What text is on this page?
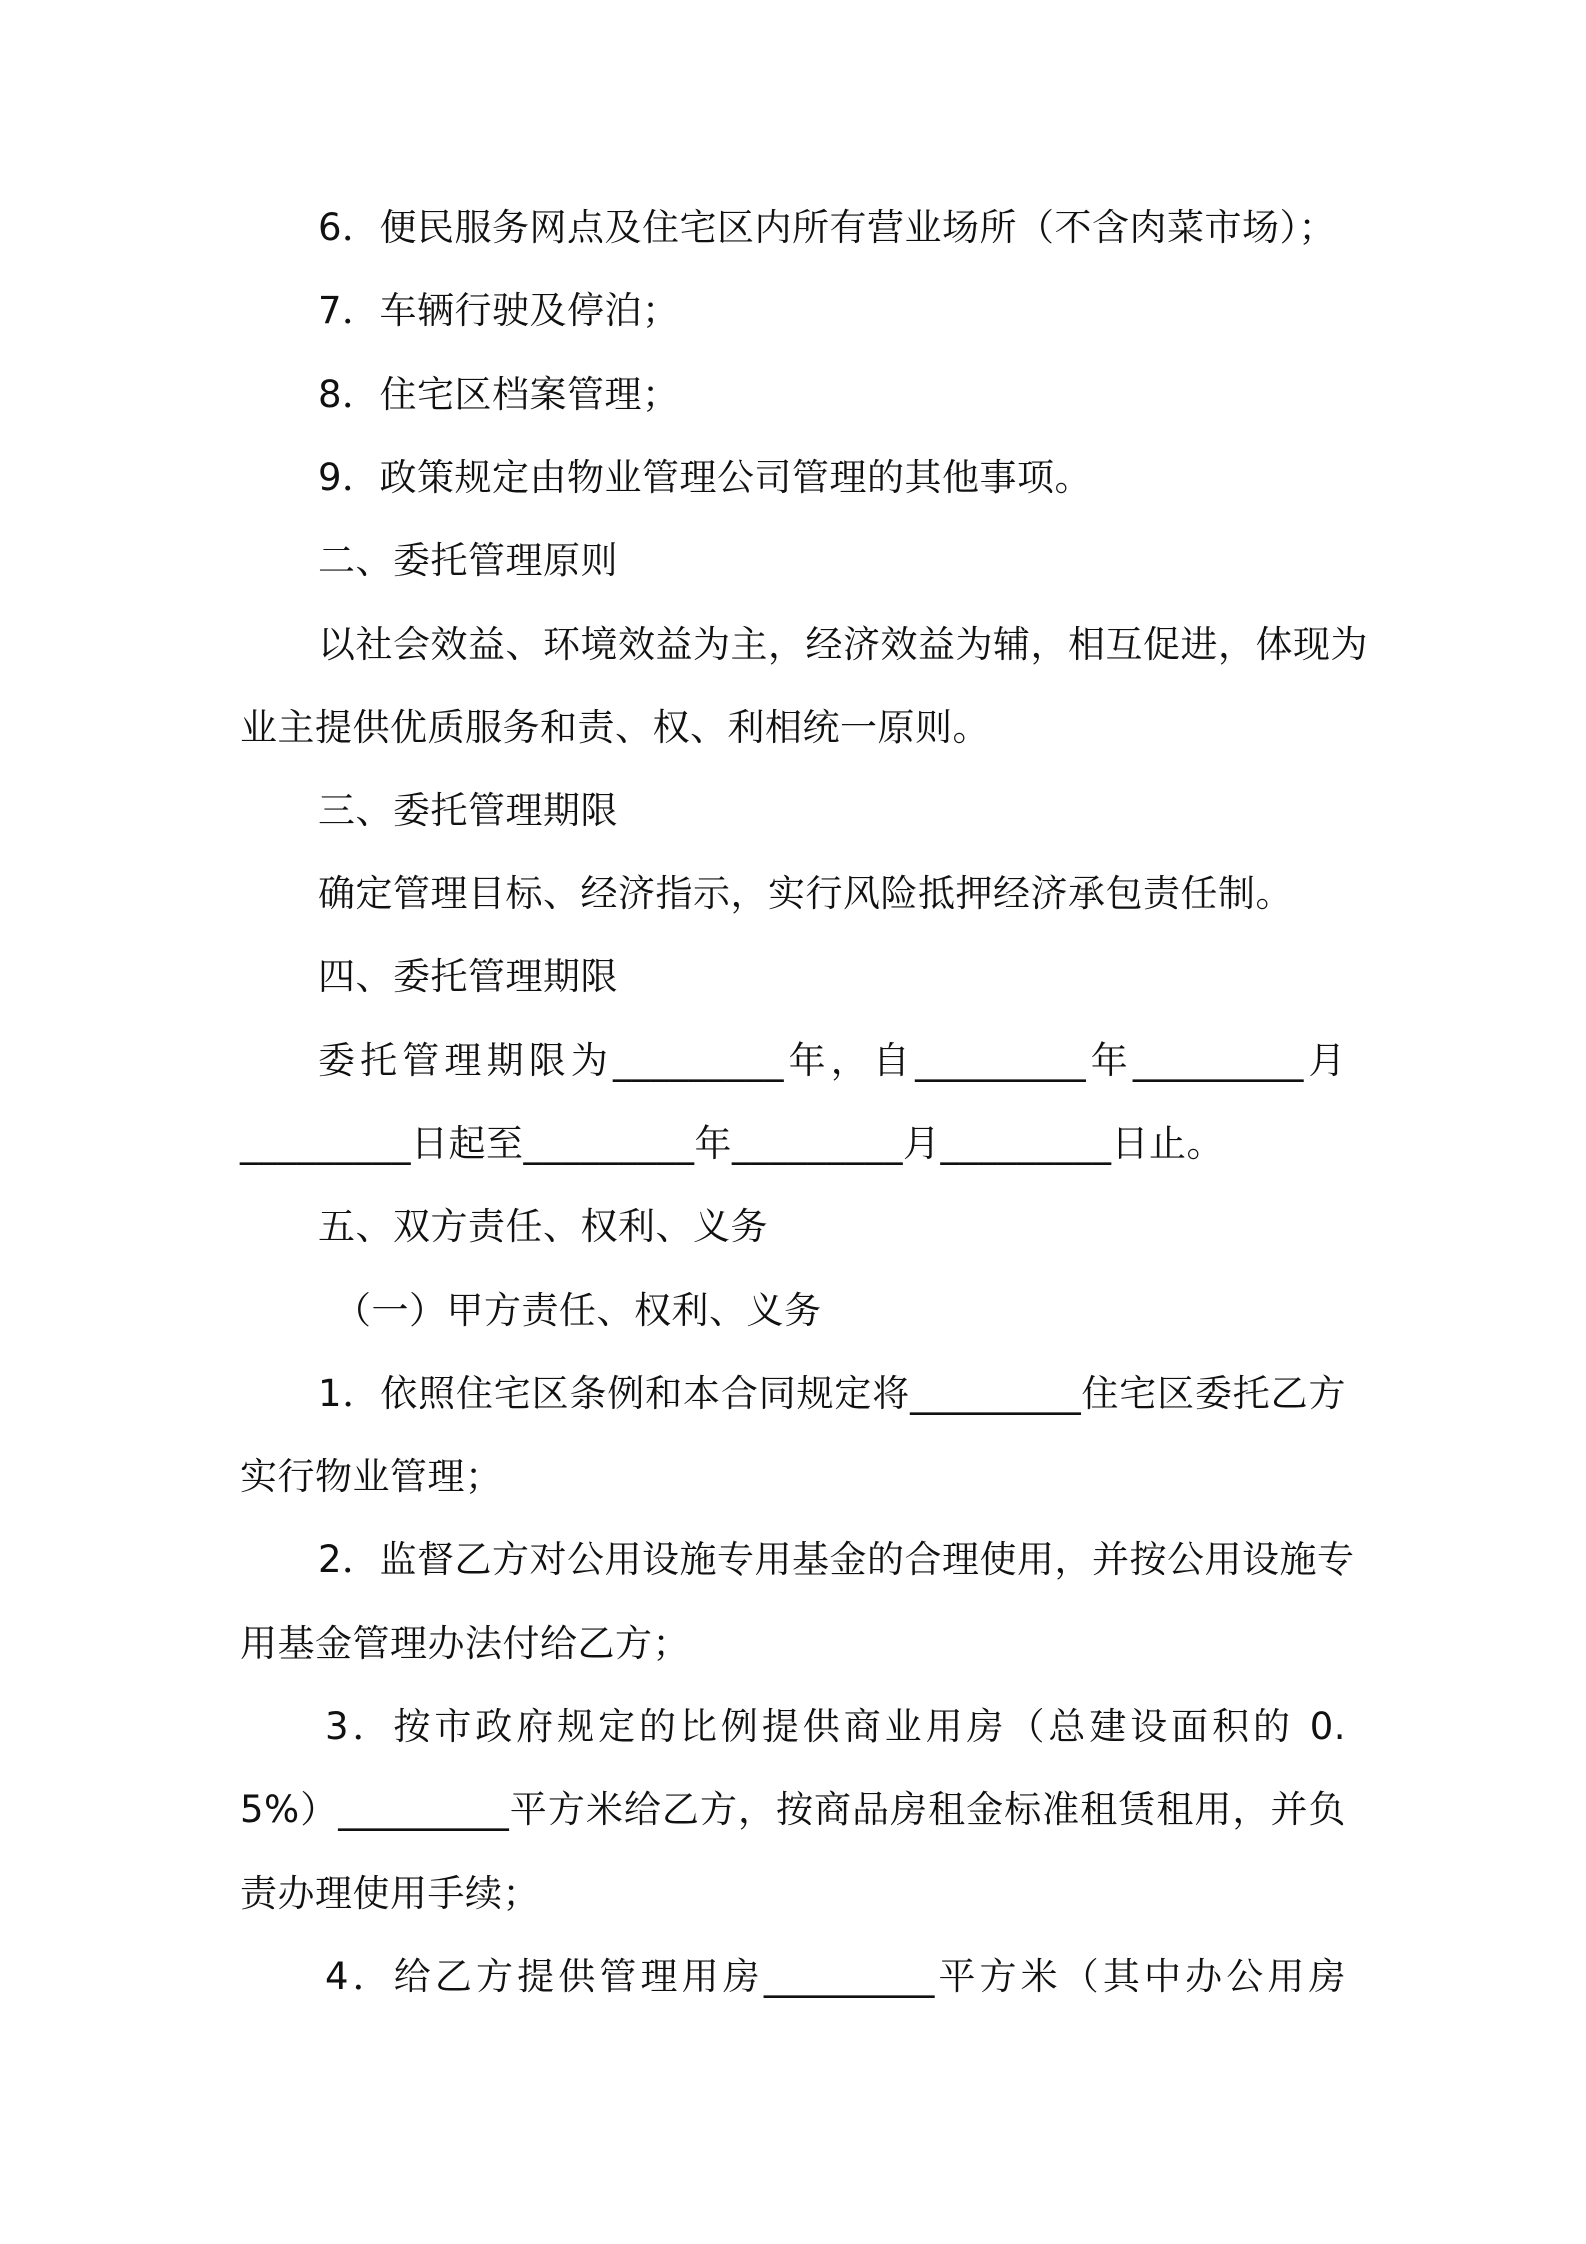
6．便民服务网点及住宅区内所有营业场所（不含肉菜市场）；
7．车辆行驶及停泊；
8．住宅区档案管理；
9．政策规定由物业管理公司管理的其他事项。
二、委托管理原则
以社会效益、环境效益为主，经济效益为辅，相互促进，体现为
业主提供优质服务和责、权、利相统一原则。
三、委托管理期限
确定管理目标、经济指示，实行风险抵押经济承包责任制。
四、委托管理期限
委托管理期限为_________年，自_________年_________月
_________日起至_________年_________月_________日止。
五、双方责任、权利、义务
（一）甲方责任、权利、义务
1．依照住宅区条例和本合同规定将_________住宅区委托乙方
实行物业管理；
2．监督乙方对公用设施专用基金的合理使用，并按公用设施专
用基金管理办法付给乙方；
3．按市政府规定的比例提供商业用房（总建设面积的 0.
5%）_________平方米给乙方，按商品房租金标准租赁租用，并负
责办理使用手续；
4．给乙方提供管理用房_________平方米（其中办公用房
